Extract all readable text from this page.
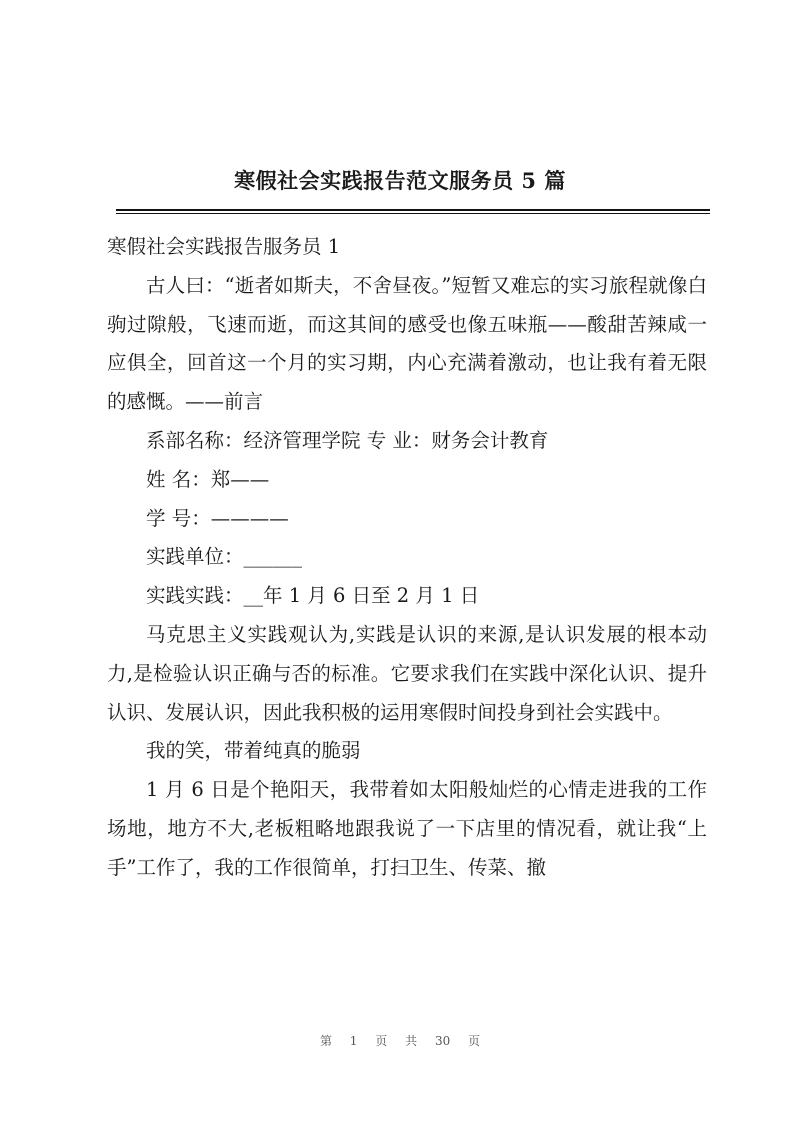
寒假社会实践报告范文服务员 5 篇

寒假社会实践报告服务员 1

古人曰：“逝者如斯夫，不舍昼夜。”短暂又难忘的实习旅程就像白驹过隙般，飞速而逝，而这其间的感受也像五味瓶——酸甜苦辣咸一应俱全，回首这一个月的实习期，内心充满着激动，也让我有着无限的感慨。——前言

系部名称：经济管理学院 专 业：财务会计教育

姓 名：郑——

学 号：————

实践单位：______

实践实践：__年 1 月 6 日至 2 月 1 日

马克思主义实践观认为,实践是认识的来源,是认识发展的根本动力,是检验认识正确与否的标准。它要求我们在实践中深化认识、提升认识、发展认识，因此我积极的运用寒假时间投身到社会实践中。

我的笑，带着纯真的脆弱

1 月 6 日是个艳阳天，我带着如太阳般灿烂的心情走进我的工作场地，地方不大,老板粗略地跟我说了一下店里的情况看，就让我“上手”工作了，我的工作很简单，打扫卫生、传菜、撤

第 1 页 共 30 页
